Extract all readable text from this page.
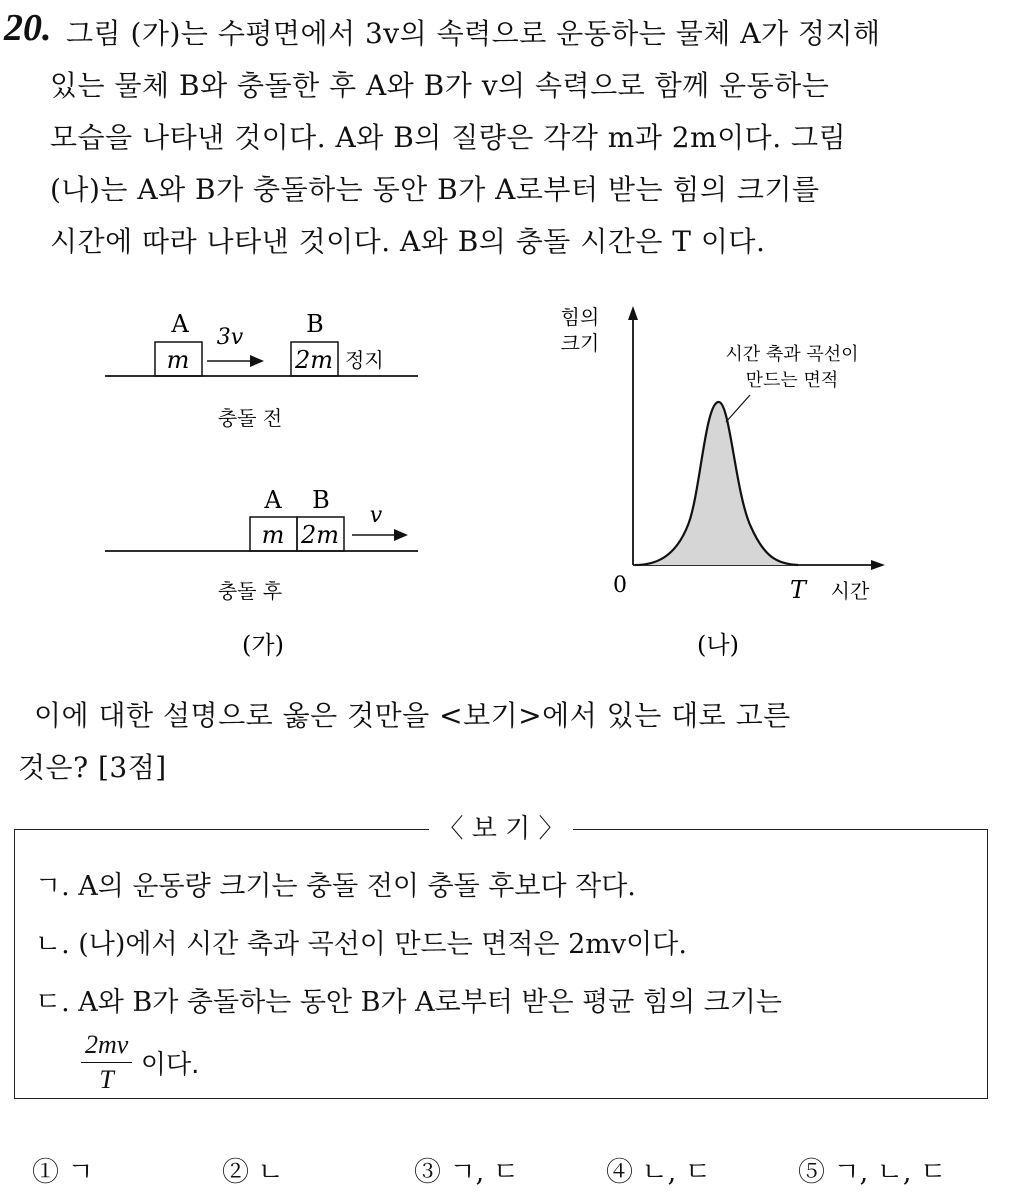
20. 그림 (가)는 수평면에서 3v의 속력으로 운동하는 물체 A가 정지해
있는 물체 B와 충돌한 후 A와 B가 v의 속력으로 함께 운동하는
모습을 나타낸 것이다. A와 B의 질량은 각각 m과 2m이다. 그림
(나)는 A와 B가 충돌하는 동안 B가 A로부터 받는 힘의 크기를
시간에 따라 나타낸 것이다. A와 B의 충돌 시간은 T 이다.
A 3v	B
m	2m 정지
충돌 전
A B
m 2m
v
충돌 후
(가)
힘의
크기	시간 축과 곡선이
만드는 면적
0	T 시간
(나)
이에 대한 설명으로 옳은 것만을 <보기>에서 있는 대로 고른
것은? [3점]
〈 보 기 〉
ㄱ. A의 운동량 크기는 충돌 전이 충돌 후보다 작다.
ㄴ. (나)에서 시간 축과 곡선이 만드는 면적은 2mv이다.
ㄷ. A와 B가 충돌하는 동안 B가 A로부터 받은 평균 힘의 크기는
$\frac{2mv}{T}$ 이다.
① ㄱ	② ㄴ	③ ㄱ, ㄷ	④ ㄴ, ㄷ	⑤ ㄱ, ㄴ, ㄷ
